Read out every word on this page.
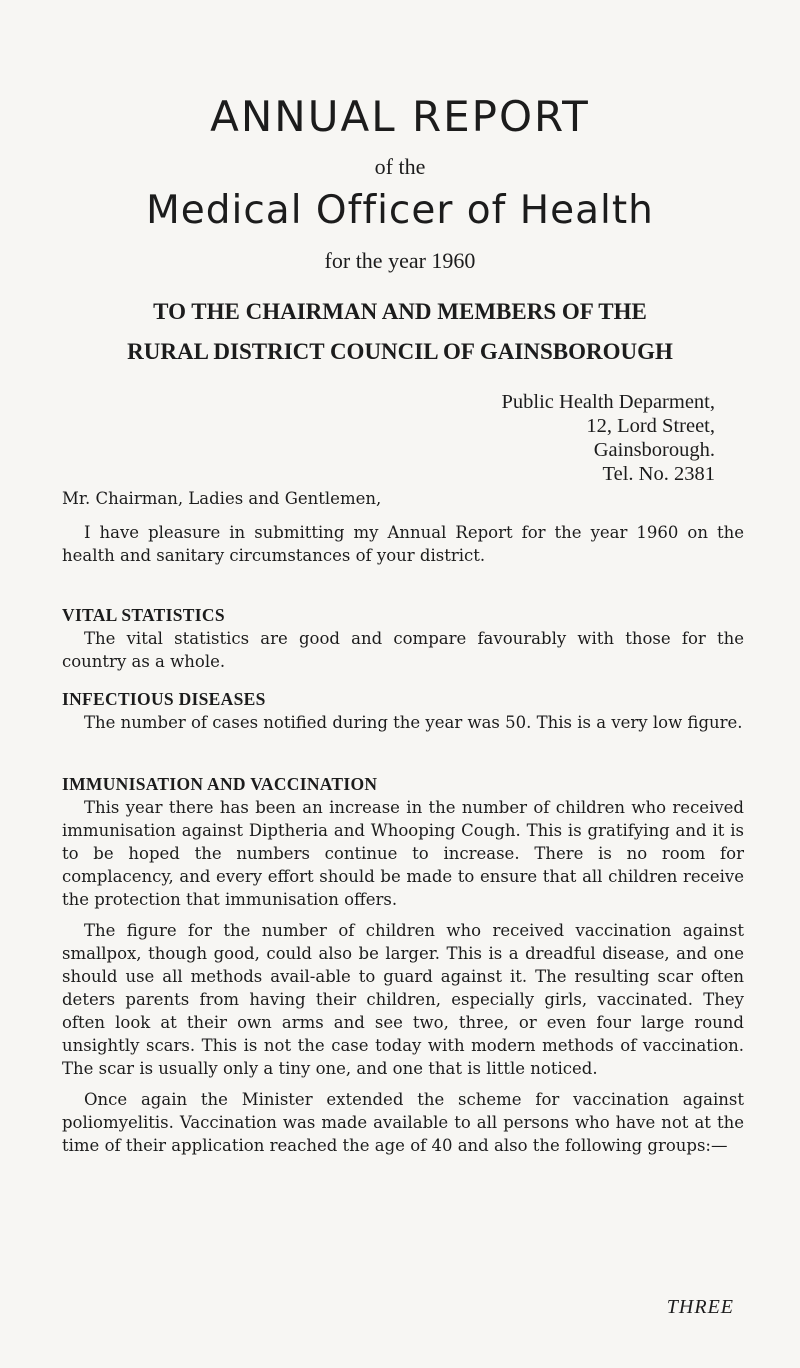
ANNUAL REPORT
of the
Medical Officer of Health
for the year 1960
TO THE CHAIRMAN AND MEMBERS OF THE
RURAL DISTRICT COUNCIL OF GAINSBOROUGH
Public Health Deparment,
12, Lord Street,
Gainsborough.
Tel. No. 2381

Mr. Chairman, Ladies and Gentlemen,

I have pleasure in submitting my Annual Report for the year 1960 on the health and sanitary circumstances of your district.

VITAL STATISTICS

The vital statistics are good and compare favourably with those for the country as a whole.

INFECTIOUS DISEASES

The number of cases notified during the year was 50. This is a very low figure.

IMMUNISATION AND VACCINATION

This year there has been an increase in the number of children who received immunisation against Diptheria and Whooping Cough. This is gratifying and it is to be hoped the numbers continue to increase. There is no room for complacency, and every effort should be made to ensure that all children receive the protection that immunisation offers.

The figure for the number of children who received vaccination against smallpox, though good, could also be larger. This is a dreadful disease, and one should use all methods avail-able to guard against it. The resulting scar often deters parents from having their children, especially girls, vaccinated. They often look at their own arms and see two, three, or even four large round unsightly scars. This is not the case today with modern methods of vaccination. The scar is usually only a tiny one, and one that is little noticed.

Once again the Minister extended the scheme for vaccination against poliomyelitis. Vaccination was made available to all persons who have not at the time of their application reached the age of 40 and also the following groups:—

THREE
